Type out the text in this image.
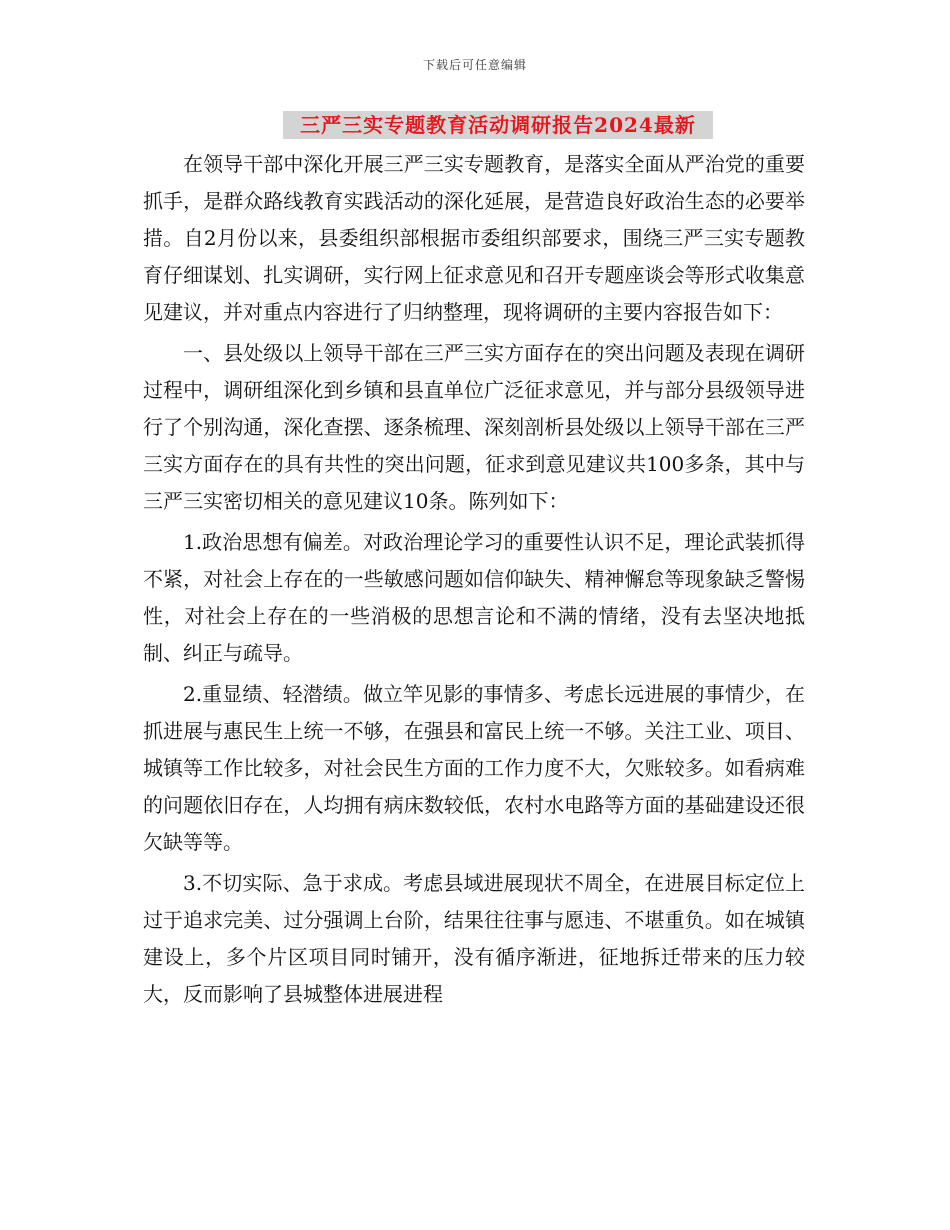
下载后可任意编辑
三严三实专题教育活动调研报告2024最新

在领导干部中深化开展三严三实专题教育，是落实全面从严治党的重要抓手，是群众路线教育实践活动的深化延展，是营造良好政治生态的必要举措。自2月份以来，县委组织部根据市委组织部要求，围绕三严三实专题教育仔细谋划、扎实调研，实行网上征求意见和召开专题座谈会等形式收集意见建议，并对重点内容进行了归纳整理，现将调研的主要内容报告如下：

一、县处级以上领导干部在三严三实方面存在的突出问题及表现在调研过程中，调研组深化到乡镇和县直单位广泛征求意见，并与部分县级领导进行了个别沟通，深化查摆、逐条梳理、深刻剖析县处级以上领导干部在三严三实方面存在的具有共性的突出问题，征求到意见建议共100多条，其中与三严三实密切相关的意见建议10条。陈列如下：

1.政治思想有偏差。对政治理论学习的重要性认识不足，理论武装抓得不紧，对社会上存在的一些敏感问题如信仰缺失、精神懈怠等现象缺乏警惕性，对社会上存在的一些消极的思想言论和不满的情绪，没有去坚决地抵制、纠正与疏导。

2.重显绩、轻潜绩。做立竿见影的事情多、考虑长远进展的事情少，在抓进展与惠民生上统一不够，在强县和富民上统一不够。关注工业、项目、城镇等工作比较多，对社会民生方面的工作力度不大，欠账较多。如看病难的问题依旧存在，人均拥有病床数较低，农村水电路等方面的基础建设还很欠缺等等。

3.不切实际、急于求成。考虑县域进展现状不周全，在进展目标定位上过于追求完美、过分强调上台阶，结果往往事与愿违、不堪重负。如在城镇建设上，多个片区项目同时铺开，没有循序渐进，征地拆迁带来的压力较大，反而影响了县城整体进展进程
